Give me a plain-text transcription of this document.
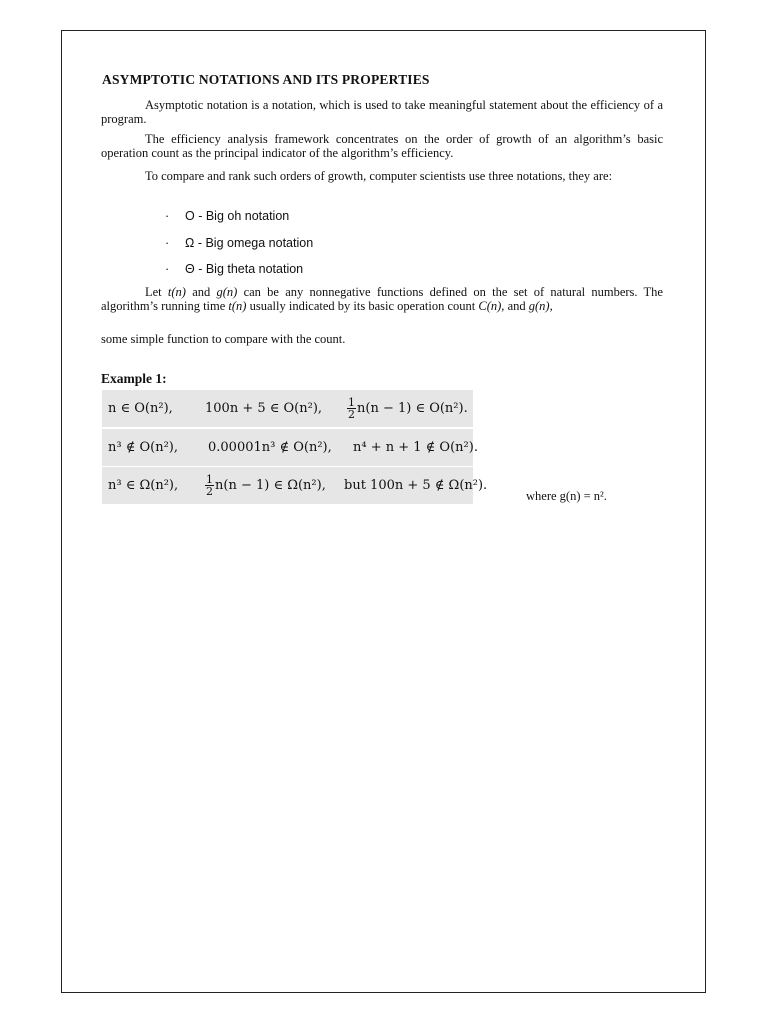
ASYMPTOTIC NOTATIONS AND ITS PROPERTIES
Asymptotic notation is a notation, which is used to take meaningful statement about the efficiency of a program.
The efficiency analysis framework concentrates on the order of growth of an algorithm’s basic operation count as the principal indicator of the algorithm’s efficiency.
To compare and rank such orders of growth, computer scientists use three notations, they are:
· O - Big oh notation
· Ω - Big omega notation
· Θ - Big theta notation
Let t(n) and g(n) can be any nonnegative functions defined on the set of natural numbers. The algorithm’s running time t(n) usually indicated by its basic operation count C(n), and g(n),
some simple function to compare with the count.
Example 1:
n ∈ O(n²), 100n + 5 ∈ O(n²), $\frac{1}{2} n(n - 1)$ ∈ O(n²).
n³ ∉ O(n²), 0.00001n³ ∉ O(n²), n⁴ + n + 1 ∉ O(n²).
n³ ∈ Ω(n²), $\frac{1}{2} n(n - 1)$ ∈ Ω(n²), but 100n + 5 ∉ Ω(n²).
where g(n) = n².
